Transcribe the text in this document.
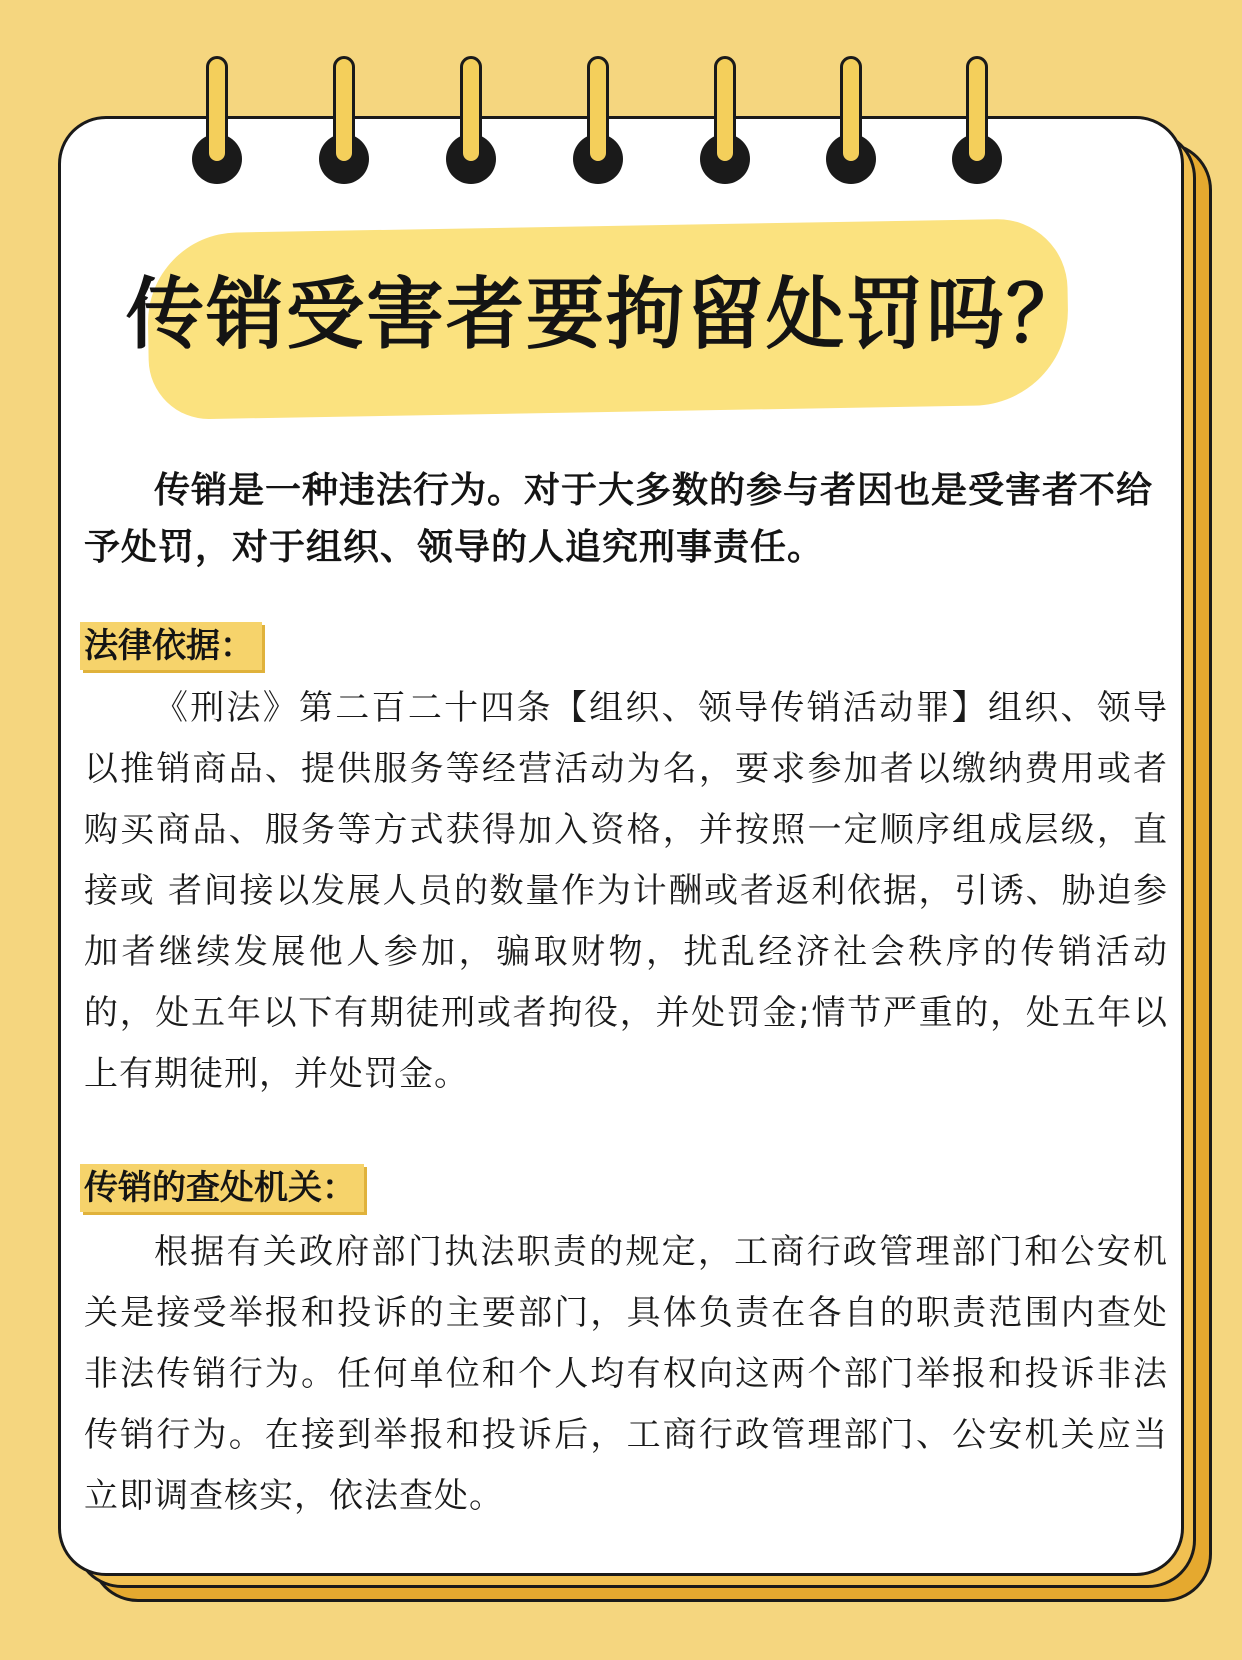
传销受害者要拘留处罚吗？

传销是一种违法行为。对于大多数的参与者因也是受害者不给予处罚，对于组织、领导的人追究刑事责任。

法律依据：

《刑法》第二百二十四条【组织、领导传销活动罪】组织、领导以推销商品、提供服务等经营活动为名，要求参加者以缴纳费用或者购买商品、服务等方式获得加入资格，并按照一定顺序组成层级，直接或 者间接以发展人员的数量作为计酬或者返利依据，引诱、胁迫参加者继续发展他人参加，骗取财物，扰乱经济社会秩序的传销活动的，处五年以下有期徒刑或者拘役，并处罚金;情节严重的，处五年以上有期徒刑，并处罚金。

传销的查处机关：

根据有关政府部门执法职责的规定，工商行政管理部门和公安机关是接受举报和投诉的主要部门，具体负责在各自的职责范围内查处非法传销行为。任何单位和个人均有权向这两个部门举报和投诉非法传销行为。在接到举报和投诉后，工商行政管理部门、公安机关应当立即调查核实，依法查处。
